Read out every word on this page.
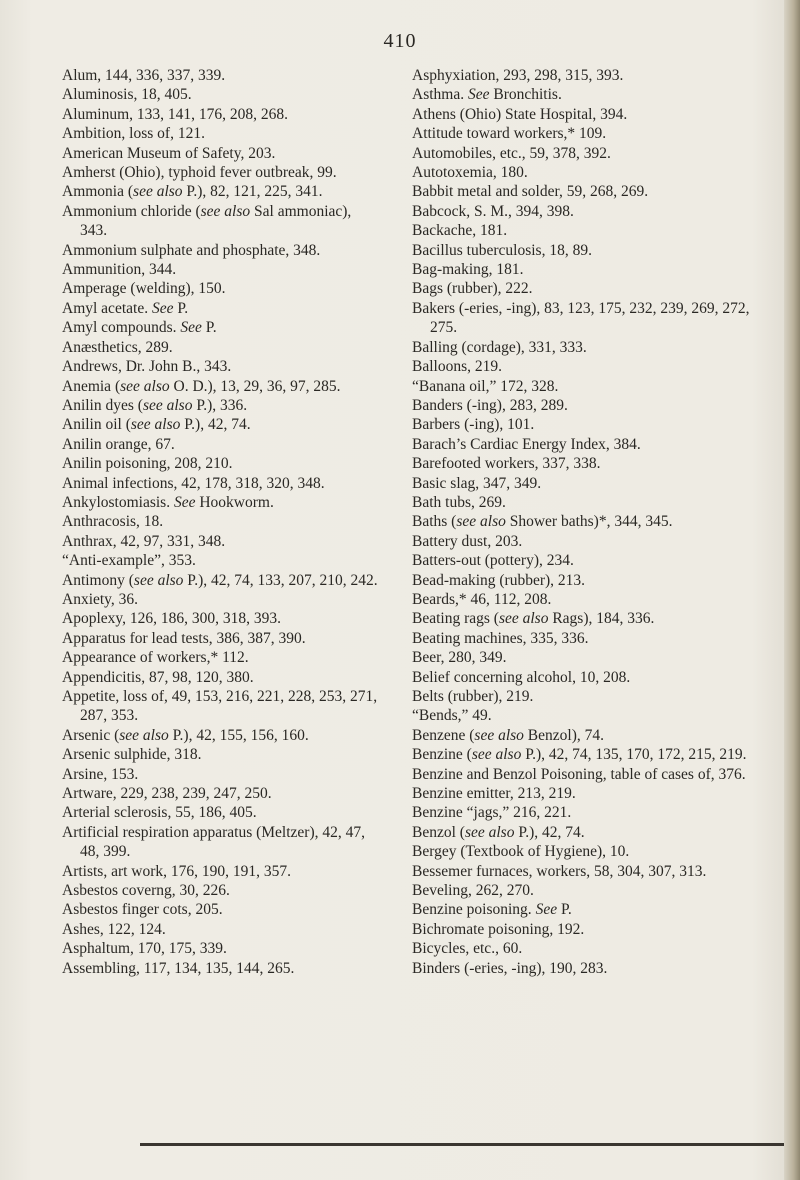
410

Alum, 144, 336, 337, 339.

Aluminosis, 18, 405.

Aluminum, 133, 141, 176, 208, 268.

Ambition, loss of, 121.

American Museum of Safety, 203.

Amherst (Ohio), typhoid fever outbreak, 99.

Ammonia (see also P.), 82, 121, 225, 341.

Ammonium chloride (see also Sal ammoniac), 343.

Ammonium sulphate and phosphate, 348.

Ammunition, 344.

Amperage (welding), 150.

Amyl acetate. See P.

Amyl compounds. See P.

Anæsthetics, 289.

Andrews, Dr. John B., 343.

Anemia (see also O. D.), 13, 29, 36, 97, 285.

Anilin dyes (see also P.), 336.

Anilin oil (see also P.), 42, 74.

Anilin orange, 67.

Anilin poisoning, 208, 210.

Animal infections, 42, 178, 318, 320, 348.

Ankylostomiasis. See Hookworm.

Anthracosis, 18.

Anthrax, 42, 97, 331, 348.

“Anti-example”, 353.

Antimony (see also P.), 42, 74, 133, 207, 210, 242.

Anxiety, 36.

Apoplexy, 126, 186, 300, 318, 393.

Apparatus for lead tests, 386, 387, 390.

Appearance of workers,* 112.

Appendicitis, 87, 98, 120, 380.

Appetite, loss of, 49, 153, 216, 221, 228, 253, 271, 287, 353.

Arsenic (see also P.), 42, 155, 156, 160.

Arsenic sulphide, 318.

Arsine, 153.

Artware, 229, 238, 239, 247, 250.

Arterial sclerosis, 55, 186, 405.

Artificial respiration apparatus (Meltzer), 42, 47, 48, 399.

Artists, art work, 176, 190, 191, 357.

Asbestos coverng, 30, 226.

Asbestos finger cots, 205.

Ashes, 122, 124.

Asphaltum, 170, 175, 339.

Assembling, 117, 134, 135, 144, 265.

Asphyxiation, 293, 298, 315, 393.

Asthma. See Bronchitis.

Athens (Ohio) State Hospital, 394.

Attitude toward workers,* 109.

Automobiles, etc., 59, 378, 392.

Autotoxemia, 180.

Babbit metal and solder, 59, 268, 269.

Babcock, S. M., 394, 398.

Backache, 181.

Bacillus tuberculosis, 18, 89.

Bag-making, 181.

Bags (rubber), 222.

Bakers (-eries, -ing), 83, 123, 175, 232, 239, 269, 272, 275.

Balling (cordage), 331, 333.

Balloons, 219.

“Banana oil,” 172, 328.

Banders (-ing), 283, 289.

Barbers (-ing), 101.

Barach’s Cardiac Energy Index, 384.

Barefooted workers, 337, 338.

Basic slag, 347, 349.

Bath tubs, 269.

Baths (see also Shower baths)*, 344, 345.

Battery dust, 203.

Batters-out (pottery), 234.

Bead-making (rubber), 213.

Beards,* 46, 112, 208.

Beating rags (see also Rags), 184, 336.

Beating machines, 335, 336.

Beer, 280, 349.

Belief concerning alcohol, 10, 208.

Belts (rubber), 219.

“Bends,” 49.

Benzene (see also Benzol), 74.

Benzine (see also P.), 42, 74, 135, 170, 172, 215, 219.

Benzine and Benzol Poisoning, table of cases of, 376.

Benzine emitter, 213, 219.

Benzine “jags,” 216, 221.

Benzol (see also P.), 42, 74.

Bergey (Textbook of Hygiene), 10.

Bessemer furnaces, workers, 58, 304, 307, 313.

Beveling, 262, 270.

Benzine poisoning. See P.

Bichromate poisoning, 192.

Bicycles, etc., 60.

Binders (-eries, -ing), 190, 283.
